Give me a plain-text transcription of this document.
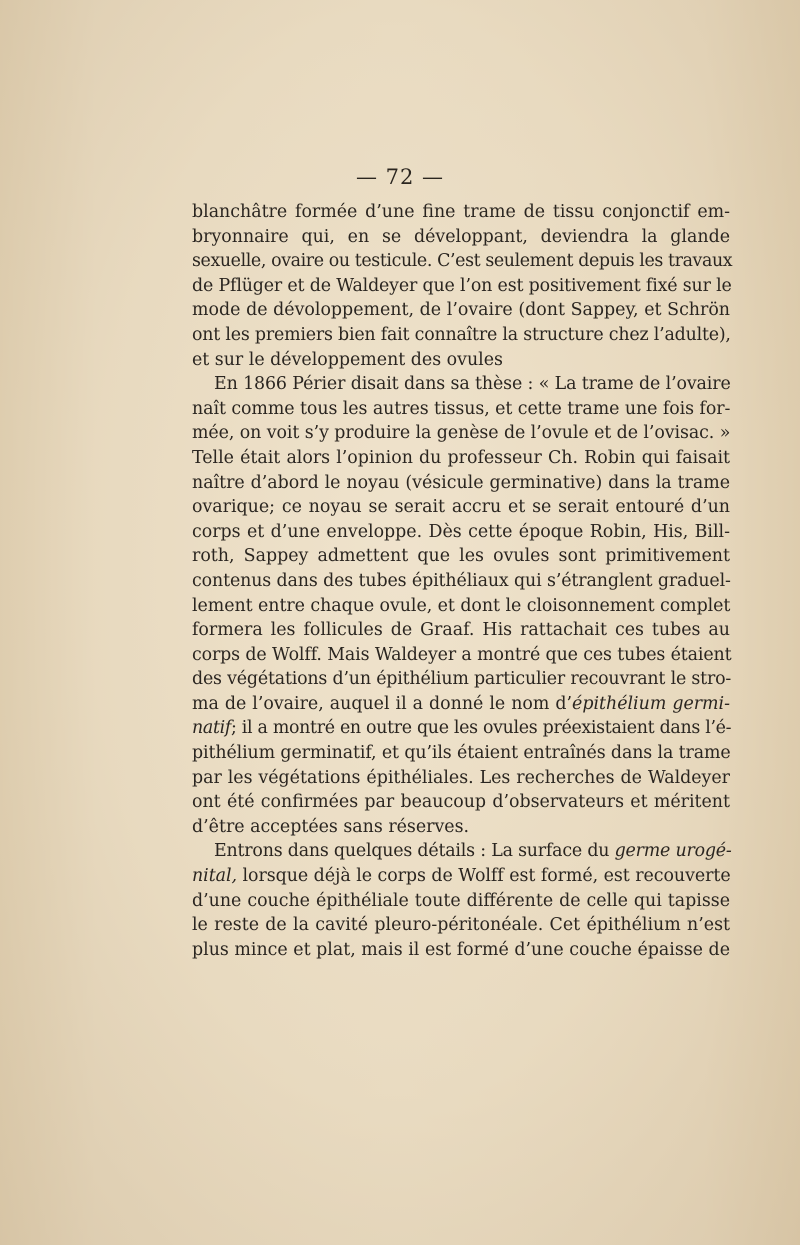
— 72 —
blanchâtre formée d’une fine trame de tissu conjonctif em-
bryonnaire qui, en se développant, deviendra la glande
sexuelle, ovaire ou testicule. C’est seulement depuis les travaux
de Pflüger et de Waldeyer que l’on est positivement fixé sur le
mode de dévoloppement, de l’ovaire (dont Sappey, et Schrön
ont les premiers bien fait connaître la structure chez l’adulte),
et sur le développement des ovules
En 1866 Périer disait dans sa thèse : « La trame de l’ovaire
naît comme tous les autres tissus, et cette trame une fois for-
mée, on voit s’y produire la genèse de l’ovule et de l’ovisac. »
Telle était alors l’opinion du professeur Ch. Robin qui faisait
naître d’abord le noyau (vésicule germinative) dans la trame
ovarique; ce noyau se serait accru et se serait entouré d’un
corps et d’une enveloppe. Dès cette époque Robin, His, Bill-
roth, Sappey admettent que les ovules sont primitivement
contenus dans des tubes épithéliaux qui s’étranglent graduel-
lement entre chaque ovule, et dont le cloisonnement complet
formera les follicules de Graaf. His rattachait ces tubes au
corps de Wolff. Mais Waldeyer a montré que ces tubes étaient
des végétations d’un épithélium particulier recouvrant le stro-
ma de l’ovaire, auquel il a donné le nom d’épithélium germi-
natif; il a montré en outre que les ovules préexistaient dans l’é-
pithélium germinatif, et qu’ils étaient entraînés dans la trame
par les végétations épithéliales. Les recherches de Waldeyer
ont été confirmées par beaucoup d’observateurs et méritent
d’être acceptées sans réserves.
Entrons dans quelques détails : La surface du germe urogé-
nital, lorsque déjà le corps de Wolff est formé, est recouverte
d’une couche épithéliale toute différente de celle qui tapisse
le reste de la cavité pleuro-péritonéale. Cet épithélium n’est
plus mince et plat, mais il est formé d’une couche épaisse de
